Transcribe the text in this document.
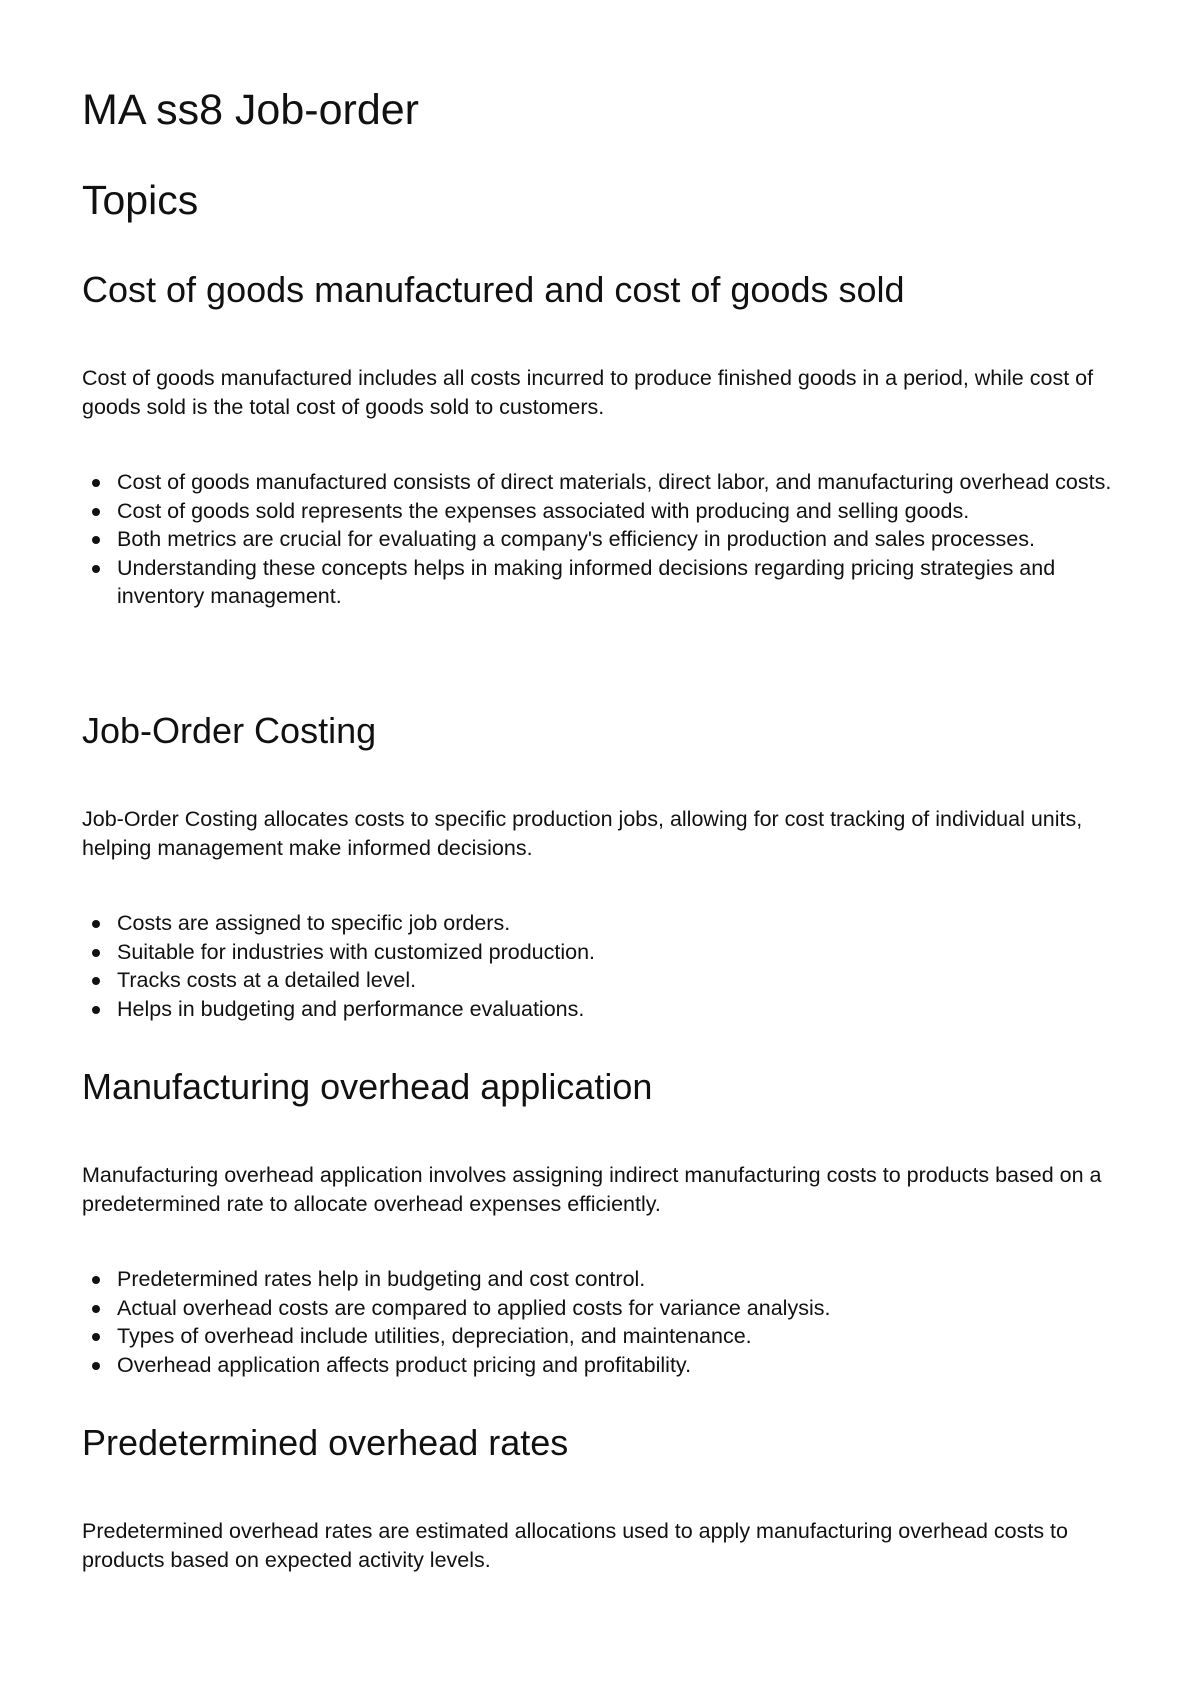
MA ss8 Job-order
Topics
Cost of goods manufactured and cost of goods sold

Cost of goods manufactured includes all costs incurred to produce finished goods in a period, while cost of goods sold is the total cost of goods sold to customers.

Cost of goods manufactured consists of direct materials, direct labor, and manufacturing overhead costs.
Cost of goods sold represents the expenses associated with producing and selling goods.
Both metrics are crucial for evaluating a company's efficiency in production and sales processes.
Understanding these concepts helps in making informed decisions regarding pricing strategies and inventory management.
Job-Order Costing

Job-Order Costing allocates costs to specific production jobs, allowing for cost tracking of individual units, helping management make informed decisions.

Costs are assigned to specific job orders.
Suitable for industries with customized production.
Tracks costs at a detailed level.
Helps in budgeting and performance evaluations.
Manufacturing overhead application

Manufacturing overhead application involves assigning indirect manufacturing costs to products based on a predetermined rate to allocate overhead expenses efficiently.

Predetermined rates help in budgeting and cost control.
Actual overhead costs are compared to applied costs for variance analysis.
Types of overhead include utilities, depreciation, and maintenance.
Overhead application affects product pricing and profitability.
Predetermined overhead rates

Predetermined overhead rates are estimated allocations used to apply manufacturing overhead costs to products based on expected activity levels.
